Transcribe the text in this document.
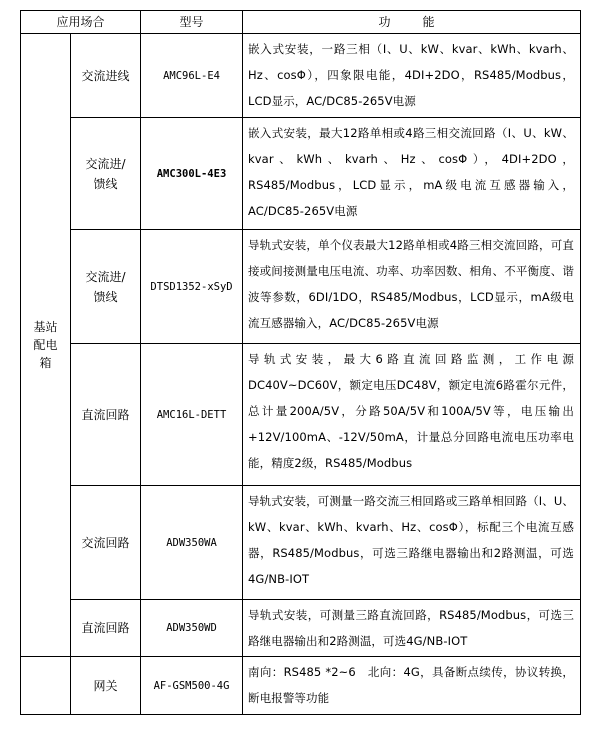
应用场合		型号	功　能

基站配电箱	交流进线	AMC96L-E4	嵌入式安装，一路三相（I、U、kW、kvar、kWh、kvarh、Hz、cosΦ），四象限电能，4DI+2DO，RS485/Modbus，LCD显示，AC/DC85-265V电源

	交流进/馈线	AMC300L-4E3	嵌入式安装，最大12路单相或4路三相交流回路（I、U、kW、kvar、kWh、kvarh、Hz、cosΦ），4DI+2DO，RS485/Modbus，LCD显示，mA级电流互感器输入，AC/DC85-265V电源

	交流进/馈线	DTSD1352-xSyD	导轨式安装，单个仪表最大12路单相或4路三相交流回路，可直接或间接测量电压电流、功率、功率因数、相角、不平衡度、谐波等参数，6DI/1DO，RS485/Modbus，LCD显示，mA级电流互感器输入，AC/DC85-265V电源
	直流回路	AMC16L-DETT	导轨式安装，最大6路直流回路监测，工作电源DC40V~DC60V，额定电压DC48V，额定电流6路霍尔元件，总计量200A/5V，分路50A/5V和100A/5V等，电压输出+12V/100mA、-12V/50mA，计量总分回路电流电压功率电能，精度2级，RS485/Modbus
	交流回路	ADW350WA	导轨式安装，可测量一路交流三相回路或三路单相回路（I、U、kW、kvar、kWh、kvarh、Hz、cosΦ），标配三个电流互感器，RS485/Modbus，可选三路继电器输出和2路测温，可选4G/NB-IOT
	直流回路	ADW350WD	导轨式安装，可测量三路直流回路，RS485/Modbus，可选三路继电器输出和2路测温，可选4G/NB-IOT
	网关	AF-GSM500-4G	南向：RS485 *2~6　北向：4G，具备断点续传，协议转换，断电报警等功能
